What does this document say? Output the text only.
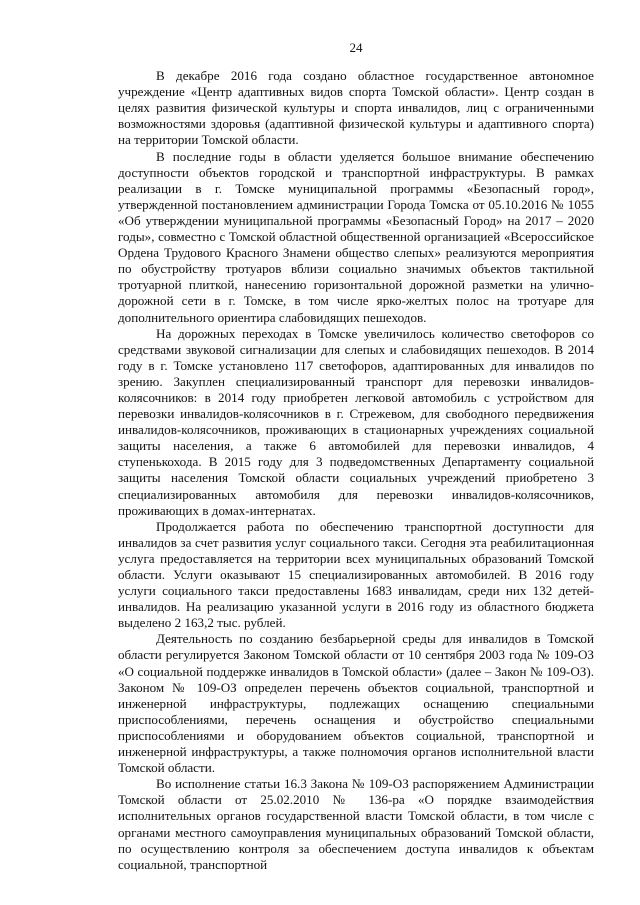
24

В декабре 2016 года создано областное государственное автономное учреждение «Центр адаптивных видов спорта Томской области». Центр создан в целях развития физической культуры и спорта инвалидов, лиц с ограниченными возможностями здоровья (адаптивной физической культуры и адаптивного спорта) на территории Томской области.

В последние годы в области уделяется большое внимание обеспечению доступности объектов городской и транспортной инфраструктуры. В рамках реализации в г. Томске муниципальной программы «Безопасный город», утвержденной постановлением администрации Города Томска от 05.10.2016 № 1055 «Об утверждении муниципальной программы «Безопасный Город» на 2017 – 2020 годы», совместно с Томской областной общественной организацией «Всероссийское Ордена Трудового Красного Знамени общество слепых» реализуются мероприятия по обустройству тротуаров вблизи социально значимых объектов тактильной тротуарной плиткой, нанесению горизонтальной дорожной разметки на улично-дорожной сети в г. Томске, в том числе ярко-желтых полос на тротуаре для дополнительного ориентира слабовидящих пешеходов.

На дорожных переходах в Томске увеличилось количество светофоров со средствами звуковой сигнализации для слепых и слабовидящих пешеходов. В 2014 году в г. Томске установлено 117 светофоров, адаптированных для инвалидов по зрению. Закуплен специализированный транспорт для перевозки инвалидов-колясочников: в 2014 году приобретен легковой автомобиль с устройством для перевозки инвалидов-колясочников в г. Стрежевом, для свободного передвижения инвалидов-колясочников, проживающих в стационарных учреждениях социальной защиты населения, а также 6 автомобилей для перевозки инвалидов, 4 ступенькохода. В 2015 году для 3 подведомственных Департаменту социальной защиты населения Томской области социальных учреждений приобретено 3 специализированных автомобиля для перевозки инвалидов-колясочников, проживающих в домах-интернатах.

Продолжается работа по обеспечению транспортной доступности для инвалидов за счет развития услуг социального такси. Сегодня эта реабилитационная услуга предоставляется на территории всех муниципальных образований Томской области. Услуги оказывают 15 специализированных автомобилей. В 2016 году услуги социального такси предоставлены 1683 инвалидам, среди них 132 детей-инвалидов. На реализацию указанной услуги в 2016 году из областного бюджета выделено 2 163,2 тыс. рублей.

Деятельность по созданию безбарьерной среды для инвалидов в Томской области регулируется Законом Томской области от 10 сентября 2003 года № 109-ОЗ «О социальной поддержке инвалидов в Томской области» (далее – Закон № 109-ОЗ). Законом № 109-ОЗ определен перечень объектов социальной, транспортной и инженерной инфраструктуры, подлежащих оснащению специальными приспособлениями, перечень оснащения и обустройство специальными приспособлениями и оборудованием объектов социальной, транспортной и инженерной инфраструктуры, а также полномочия органов исполнительной власти Томской области.

Во исполнение статьи 16.3 Закона № 109-ОЗ распоряжением Администрации Томской области от 25.02.2010 № 136-ра «О порядке взаимодействия исполнительных органов государственной власти Томской области, в том числе с органами местного самоуправления муниципальных образований Томской области, по осуществлению контроля за обеспечением доступа инвалидов к объектам социальной, транспортной
